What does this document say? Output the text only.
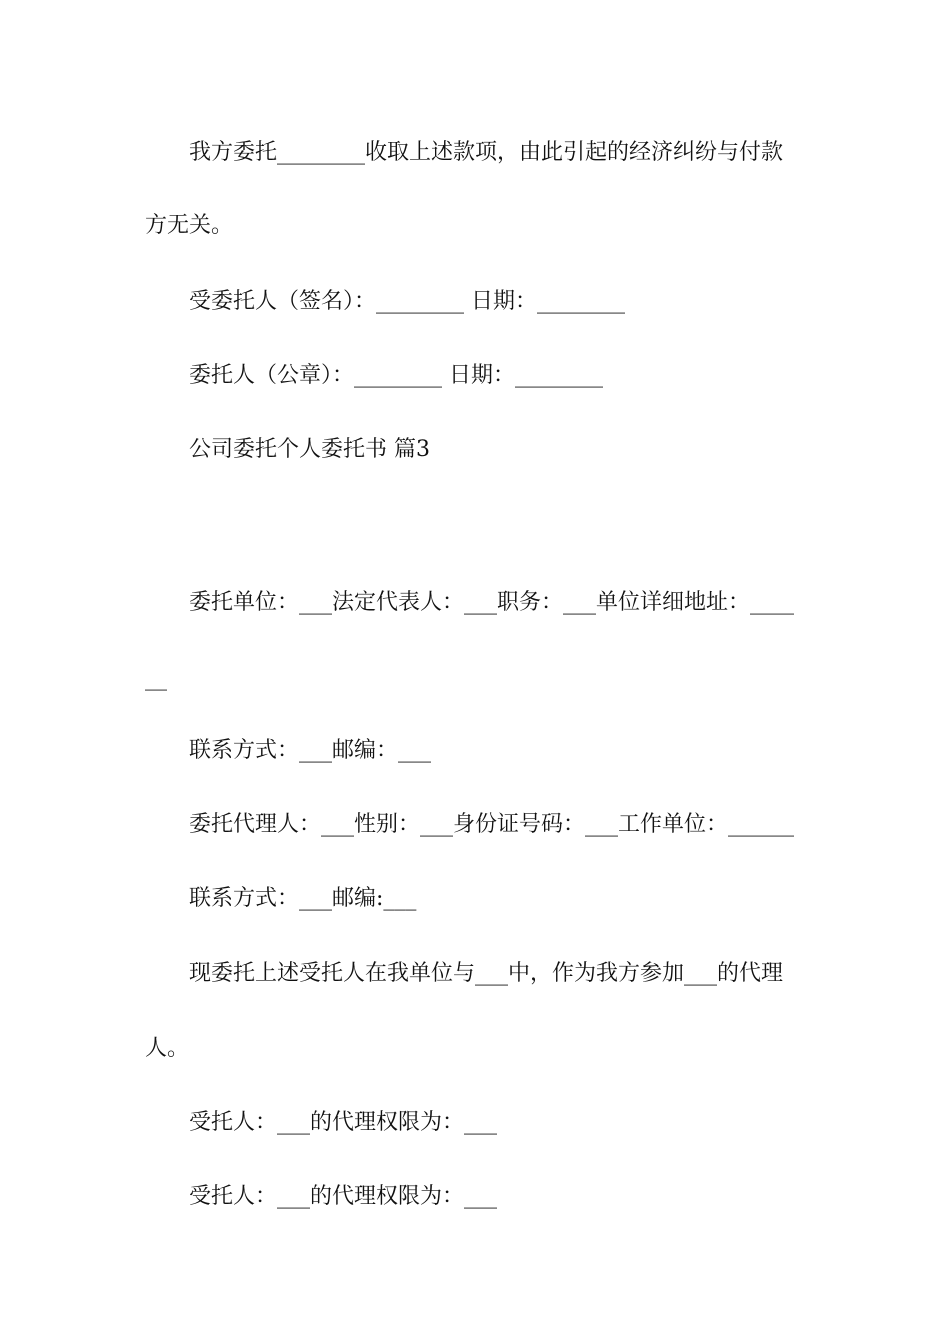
我方委托________收取上述款项，由此引起的经济纠纷与付款

方无关。

受委托人（签名）：________ 日期：________

委托人（公章）：________ 日期：________

公司委托个人委托书 篇3

委托单位：___法定代表人：___职务：___单位详细地址：____

__

联系方式：___邮编：___

委托代理人：___性别：___身份证号码：___工作单位：______

联系方式：___邮编:___

现委托上述受托人在我单位与___中，作为我方参加___的代理

人。

受托人：___的代理权限为：___

受托人：___的代理权限为：___
